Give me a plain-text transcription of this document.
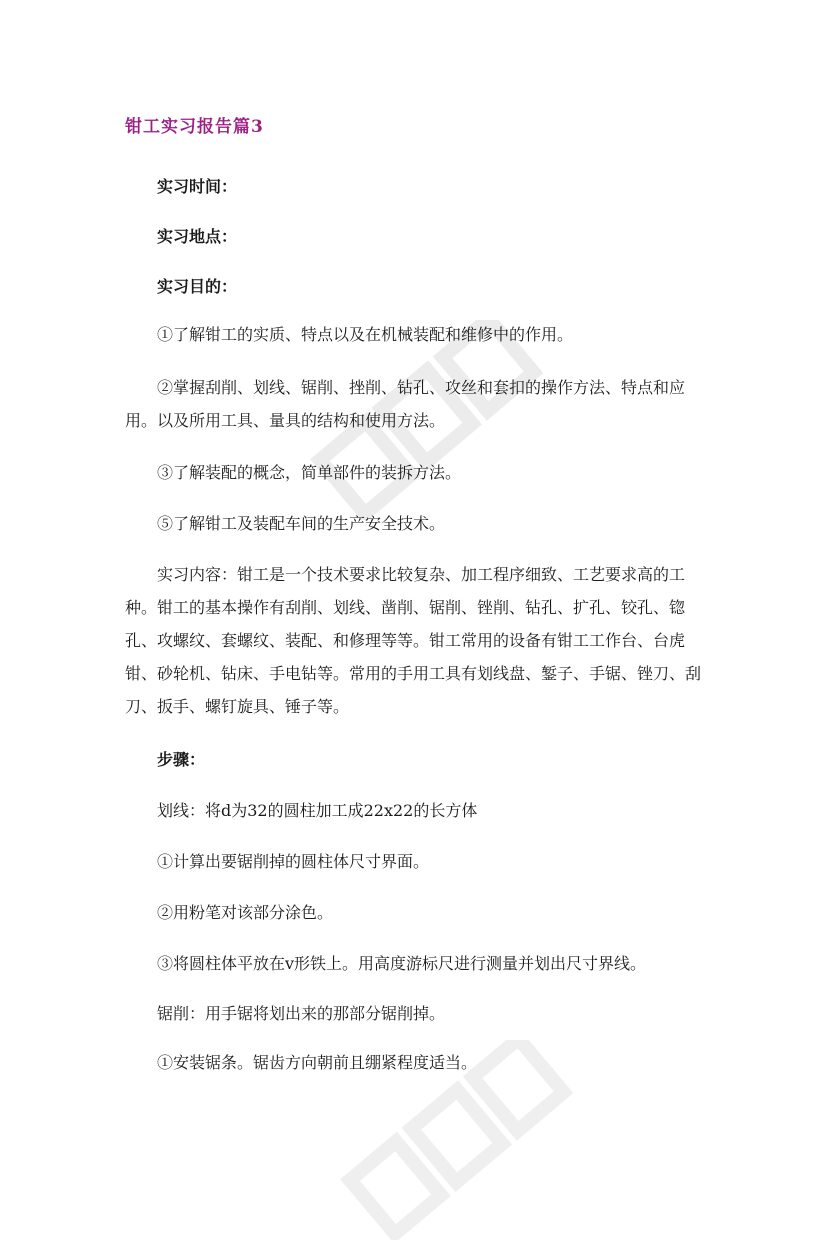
钳工实习报告篇3
实习时间：
实习地点：
实习目的：
①了解钳工的实质、特点以及在机械装配和维修中的作用。
②掌握刮削、划线、锯削、挫削、钻孔、攻丝和套扣的操作方法、特点和应用。以及所用工具、量具的结构和使用方法。
③了解装配的概念，简单部件的装拆方法。
⑤了解钳工及装配车间的生产安全技术。
实习内容：钳工是一个技术要求比较复杂、加工程序细致、工艺要求高的工种。钳工的基本操作有刮削、划线、凿削、锯削、锉削、钻孔、扩孔、铰孔、锪孔、攻螺纹、套螺纹、装配、和修理等等。钳工常用的设备有钳工工作台、台虎钳、砂轮机、钻床、手电钻等。常用的手用工具有划线盘、錾子、手锯、锉刀、刮刀、扳手、螺钉旋具、锤子等。
步骤：
划线：将d为32的圆柱加工成22x22的长方体
①计算出要锯削掉的圆柱体尺寸界面。
②用粉笔对该部分涂色。
③将圆柱体平放在v形铁上。用高度游标尺进行测量并划出尺寸界线。
锯削：用手锯将划出来的那部分锯削掉。
①安装锯条。锯齿方向朝前且绷紧程度适当。
